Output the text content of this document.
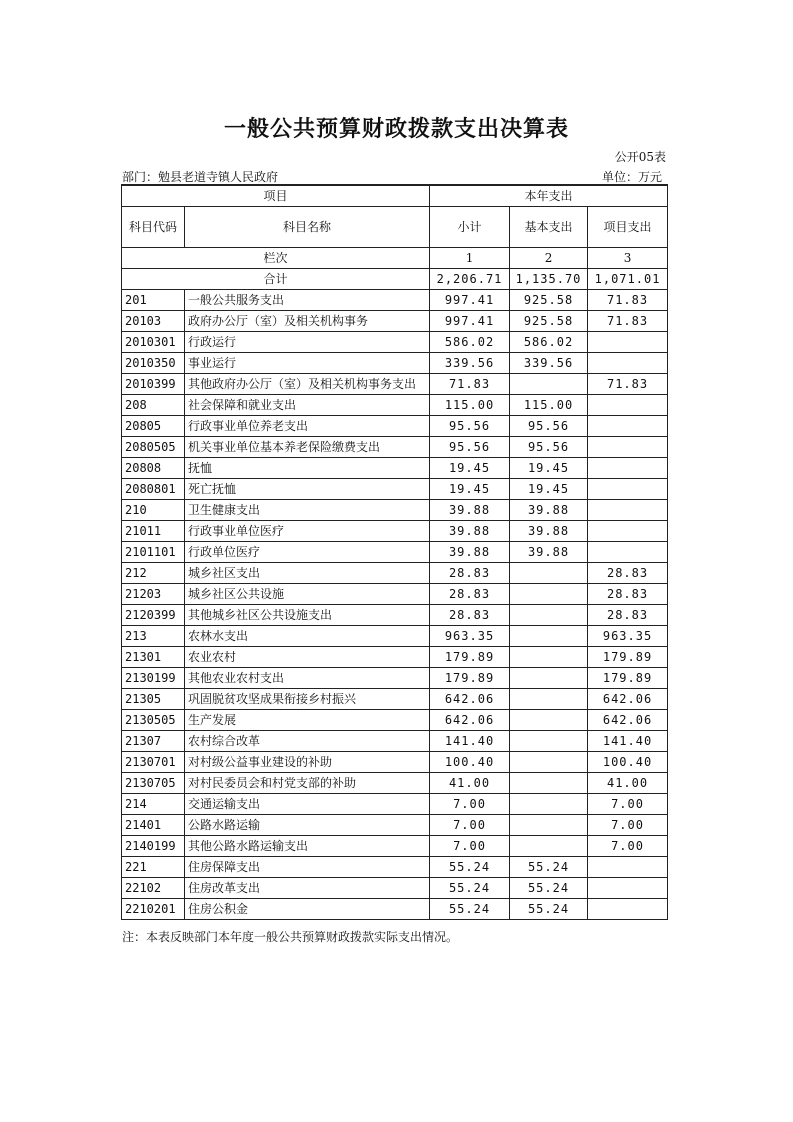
一般公共预算财政拨款支出决算表
公开05表
部门：勉县老道寺镇人民政府	单位：万元
项目		本年支出		
科目代码	科目名称	小计	基本支出	项目支出
栏次		1	2	3
合计		2,206.71	1,135.70	1,071.01
201	一般公共服务支出	997.41	925.58	71.83
20103	政府办公厅（室）及相关机构事务	997.41	925.58	71.83
2010301	行政运行	586.02	586.02	
2010350	事业运行	339.56	339.56	
2010399	其他政府办公厅（室）及相关机构事务支出	71.83		71.83
208	社会保障和就业支出	115.00	115.00	
20805	行政事业单位养老支出	95.56	95.56	
2080505	机关事业单位基本养老保险缴费支出	95.56	95.56	
20808	抚恤	19.45	19.45	
2080801	死亡抚恤	19.45	19.45	
210	卫生健康支出	39.88	39.88	
21011	行政事业单位医疗	39.88	39.88	
2101101	行政单位医疗	39.88	39.88	
212	城乡社区支出	28.83		28.83
21203	城乡社区公共设施	28.83		28.83
2120399	其他城乡社区公共设施支出	28.83		28.83
213	农林水支出	963.35		963.35
21301	农业农村	179.89		179.89
2130199	其他农业农村支出	179.89		179.89
21305	巩固脱贫攻坚成果衔接乡村振兴	642.06		642.06
2130505	生产发展	642.06		642.06
21307	农村综合改革	141.40		141.40
2130701	对村级公益事业建设的补助	100.40		100.40
2130705	对村民委员会和村党支部的补助	41.00		41.00
214	交通运输支出	7.00		7.00
21401	公路水路运输	7.00		7.00
2140199	其他公路水路运输支出	7.00		7.00
221	住房保障支出	55.24	55.24	
22102	住房改革支出	55.24	55.24	
2210201	住房公积金	55.24	55.24	
注：本表反映部门本年度一般公共预算财政拨款实际支出情况。
